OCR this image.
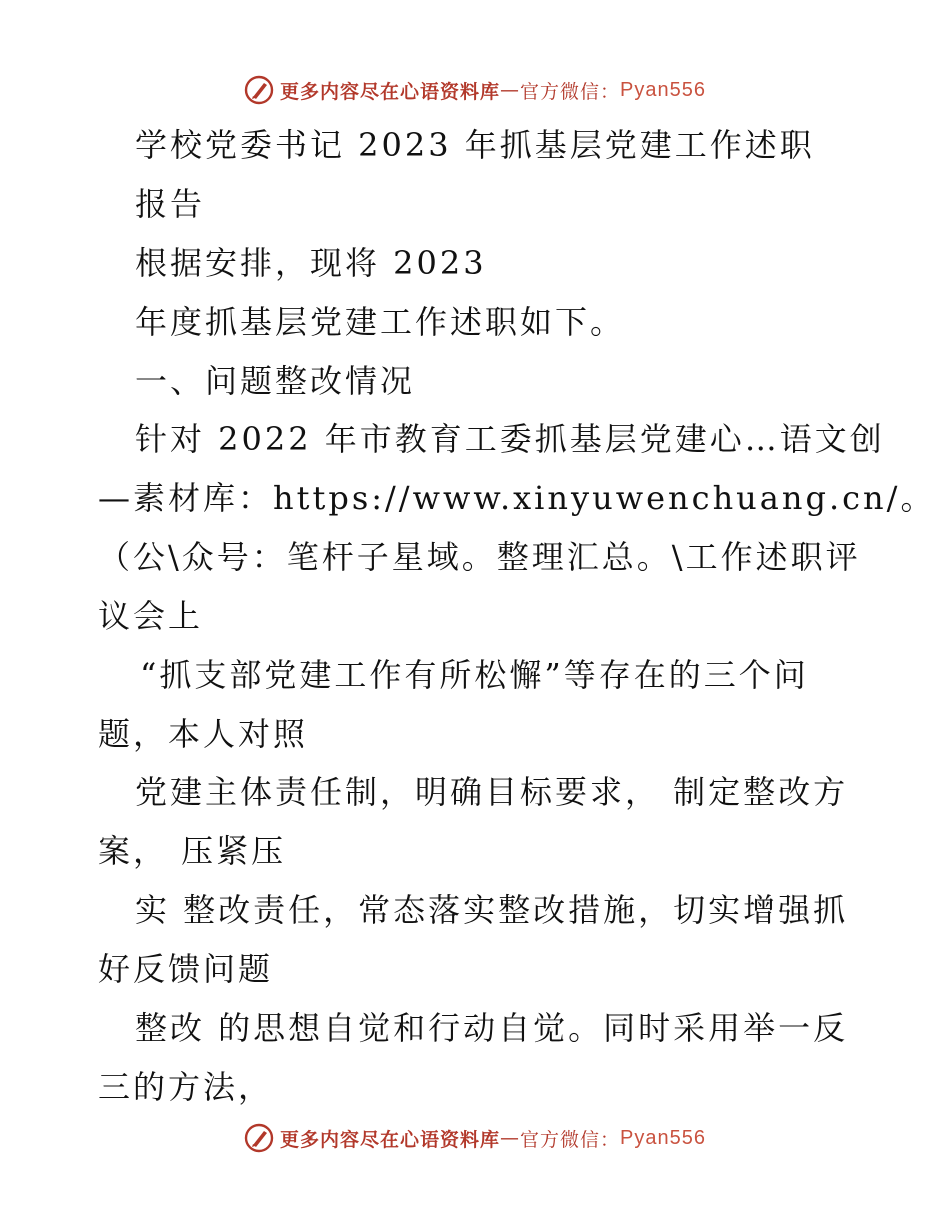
更多内容尽在心语资料库 — 官方微信： Pyan556
学校党委书记 2023 年抓基层党建工作述职
报告
根据安排，现将 2023
年度抓基层党建工作述职如下。
一、问题整改情况
针对 2022 年市教育工委抓基层党建心…语文创
—素材库：https://www.xinyuwenchuang.cn/。
（公\众号：笔杆子星域。整理汇总。\工作述职评
议会上
“抓支部党建工作有所松懈”等存在的三个问
题，本人对照
党建主体责任制，明确目标要求， 制定整改方
案， 压紧压
实 整改责任，常态落实整改措施，切实增强抓
好反馈问题
整改 的思想自觉和行动自觉。同时采用举一反
三的方法，
更多内容尽在心语资料库 — 官方微信： Pyan556
